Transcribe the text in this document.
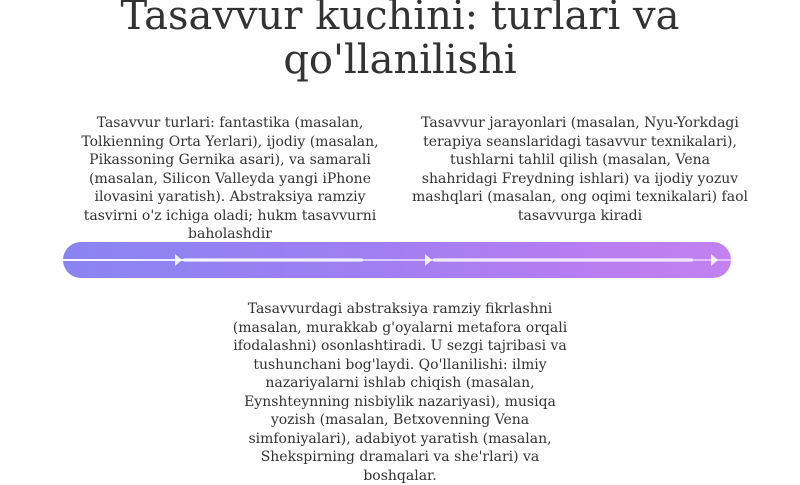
Tasavvur kuchini: turlari va qo'llanilishi
Tasavvur turlari: fantastika (masalan, Tolkienning Orta Yerlari), ijodiy (masalan, Pikassoning Gernika asari), va samarali (masalan, Silicon Valleyda yangi iPhone ilovasini yaratish). Abstraksiya ramziy tasvirni o'z ichiga oladi; hukm tasavvurni baholashdir
Tasavvur jarayonlari (masalan, Nyu-Yorkdagi terapiya seanslaridagi tasavvur texnikalari), tushlarni tahlil qilish (masalan, Vena shahridagi Freydning ishlari) va ijodiy yozuv mashqlari (masalan, ong oqimi texnikalari) faol tasavvurga kiradi
Tasavvurdagi abstraksiya ramziy fikrlashni (masalan, murakkab g'oyalarni metafora orqali ifodalashni) osonlashtiradi. U sezgi tajribasi va tushunchani bog'laydi. Qo'llanilishi: ilmiy nazariyalarni ishlab chiqish (masalan, Eynshteynning nisbiylik nazariyasi), musiqa yozish (masalan, Betxovenning Vena simfoniyalari), adabiyot yaratish (masalan, Shekspirning dramalari va she'rlari) va boshqalar.
